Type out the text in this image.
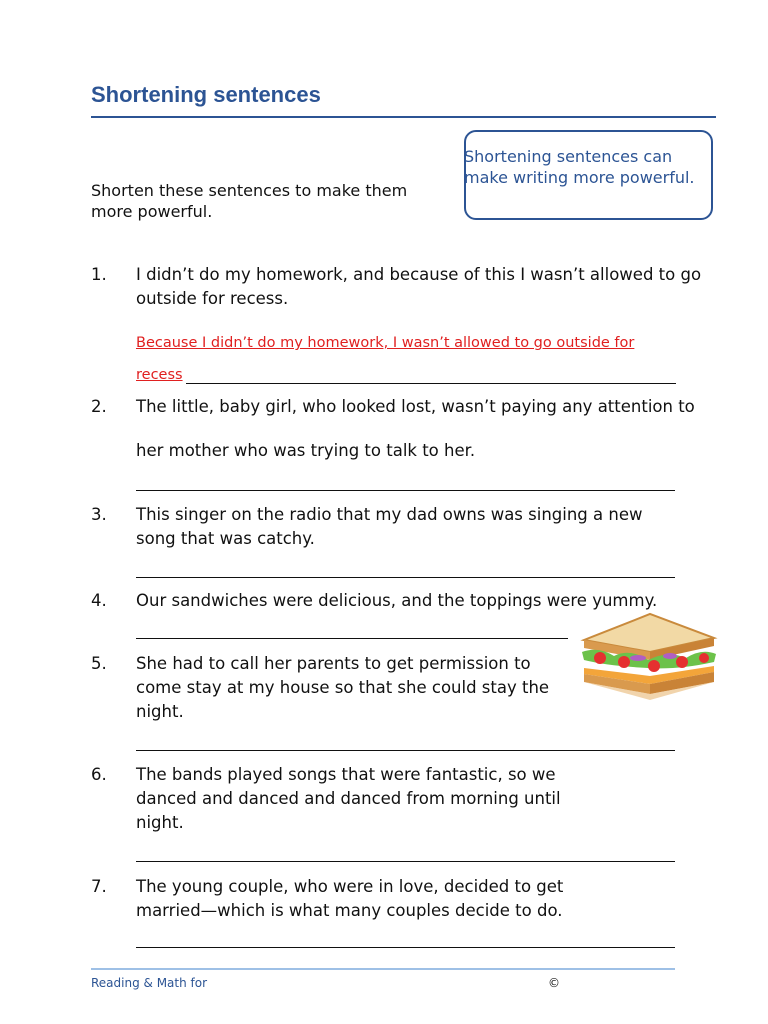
Shortening sentences
Shortening sentences can make writing more powerful.
Shorten these sentences to make them more powerful.
1. I didn’t do my homework, and because of this I wasn’t allowed to go outside for recess.
Because I didn’t do my homework, I wasn’t allowed to go outside for
recess
2. The little, baby girl, who looked lost, wasn’t paying any attention to
her mother who was trying to talk to her.
3. This singer on the radio that my dad owns was singing a new song that was catchy.
4. Our sandwiches were delicious, and the toppings were yummy.
5. She had to call her parents to get permission to come stay at my house so that she could stay the night.
6. The bands played songs that were fantastic, so we danced and danced and danced from morning until night.
7. The young couple, who were in love, decided to get married—which is what many couples decide to do.
Reading & Math for	©
